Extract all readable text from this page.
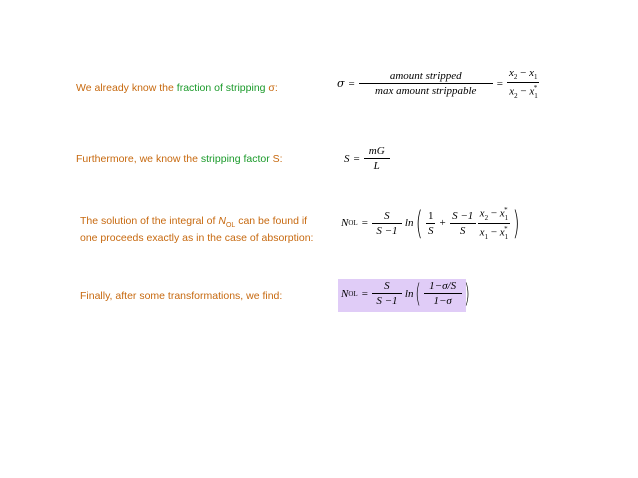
We already know the fraction of stripping σ:	$\sigma = \frac{\text{amount stripped}}{\text{max amount strippable}} = \frac{x_2 - x_1}{x_2 - x_1^*}$
Furthermore, we know the stripping factor S:	$S = \frac{mG}{L}$
The solution of the integral of $N_{OL}$ can be found if
one proceeds exactly as in the case of absorption:
N OL = $\frac{S}{S -1}$ ln ( $\frac{1}{S} + \frac{S -1}{S} \frac{x_2 - x_1^*}{x_1 - x_1^*}$ )
Finally, after some transformations, we find:	N OL = $\frac{S}{S -1}$ ln ( $\frac{1-\sigma/S}{1-\sigma}$ )
